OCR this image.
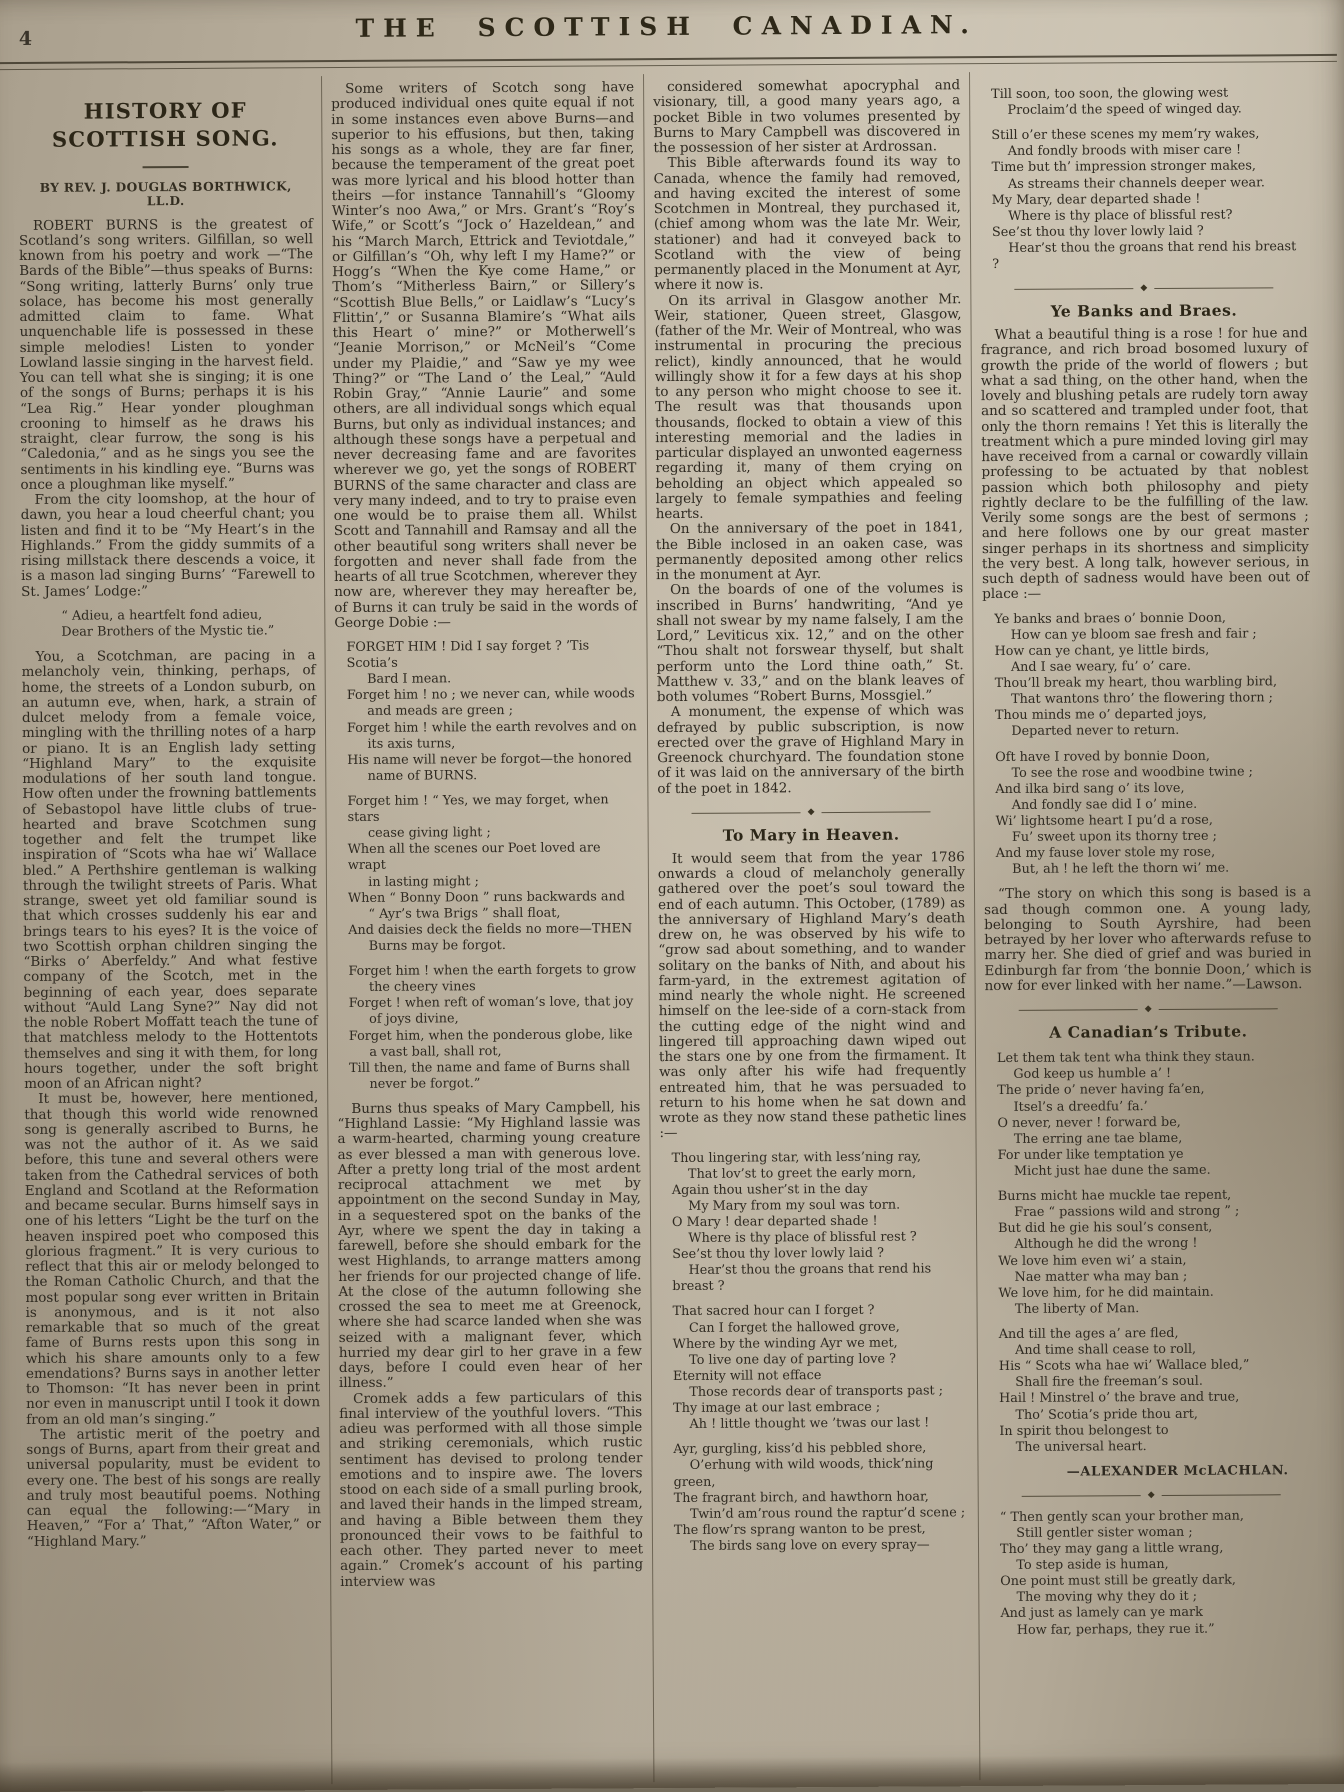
4	THE SCOTTISH CANADIAN.
HISTORY OF SCOTTISH SONG.
BY REV. J. DOUGLAS BORTHWICK, LL.D.

ROBERT BURNS is the greatest of Scotland’s song writers. Gilfillan, so well known from his poetry and work —“The Bards of the Bible”—thus speaks of Burns: “Song writing, latterly Burns’ only true solace, has become his most generally admitted claim to fame. What unquenchable life is possessed in these simple melodies! Listen to yonder Lowland lassie singing in the harvest field. You can tell what she is singing; it is one of the songs of Burns; perhaps it is his “Lea Rig.” Hear yonder ploughman crooning to himself as he draws his straight, clear furrow, the song is his “Caledonia,” and as he sings you see the sentiments in his kindling eye. “Burns was once a ploughman like myself.”

From the city loomshop, at the hour of dawn, you hear a loud cheerful chant; you listen and find it to be “My Heart’s in the Highlands.” From the giddy summits of a rising millstack there descends a voice, it is a mason lad singing Burns’ “Farewell to St. James’ Lodge:”

“ Adieu, a heartfelt fond adieu,
Dear Brothers of the Mystic tie.”

You, a Scotchman, are pacing in a melancholy vein, thinking, perhaps, of home, the streets of a London suburb, on an autumn eve, when, hark, a strain of dulcet melody from a female voice, mingling with the thrilling notes of a harp or piano. It is an English lady setting “Highland Mary” to the exquisite modulations of her south land tongue. How often under the frowning battlements of Sebastopol have little clubs of true-hearted and brave Scotchmen sung together and felt the trumpet like inspiration of “Scots wha hae wi’ Wallace bled.” A Perthshire gentleman is walking through the twilight streets of Paris. What strange, sweet yet old familiar sound is that which crosses suddenly his ear and brings tears to his eyes? It is the voice of two Scottish orphan children singing the “Birks o’ Aberfeldy.” And what festive company of the Scotch, met in the beginning of each year, does separate without “Auld Lang Syne?” Nay did not the noble Robert Moffatt teach the tune of that matchless melody to the Hottentots themselves and sing it with them, for long hours together, under the soft bright moon of an African night?

It must be, however, here mentioned, that though this world wide renowned song is generally ascribed to Burns, he was not the author of it. As we said before, this tune and several others were taken from the Cathedral services of both England and Scotland at the Reformation and became secular. Burns himself says in one of his letters “Light be the turf on the heaven inspired poet who composed this glorious fragment.” It is very curious to reflect that this air or melody belonged to the Roman Catholic Church, and that the most popular song ever written in Britain is anonymous, and is it not also remarkable that so much of the great fame of Burns rests upon this song in which his share amounts only to a few emendations? Burns says in another letter to Thomson: “It has never been in print nor even in manuscript until I took it down from an old man’s singing.”

The artistic merit of the poetry and songs of Burns, apart from their great and universal popularity, must be evident to every one. The best of his songs are really and truly most beautiful poems. Nothing can equal the following:—“Mary in Heaven,” “For a’ That,” “Afton Water,” or “Highland Mary.”

Some writers of Scotch song have produced individual ones quite equal if not in some instances even above Burns—and superior to his effusions, but then, taking his songs as a whole, they are far finer, because the temperament of the great poet was more lyrical and his blood hotter than theirs —for instance Tannahill’s “Gloomy Winter’s noo Awa,” or Mrs. Grant’s “Roy’s Wife,” or Scott’s “Jock o’ Hazeldean,” and his “March March, Ettrick and Teviotdale,” or Gilfillan’s “Oh, why left I my Hame?” or Hogg’s “When the Kye come Hame,” or Thom’s “Mitherless Bairn,” or Sillery’s “Scottish Blue Bells,” or Laidlaw’s “Lucy’s Flittin’,” or Susanna Blamire’s “What ails this Heart o’ mine?” or Motherwell’s “Jeanie Morrison,” or McNeil’s “Come under my Plaidie,” and “Saw ye my wee Thing?” or “The Land o’ the Leal,” “Auld Robin Gray,” “Annie Laurie” and some others, are all individual songs which equal Burns, but only as individual instances; and although these songs have a perpetual and never decreasing fame and are favorites wherever we go, yet the songs of ROBERT BURNS of the same character and class are very many indeed, and to try to praise even one would be to praise them all. Whilst Scott and Tannahill and Ramsay and all the other beautiful song writers shall never be forgotten and never shall fade from the hearts of all true Scotchmen, wherever they now are, wherever they may hereafter be, of Burns it can truly be said in the words of George Dobie :—

FORGET HIM ! Did I say forget ? ’Tis Scotia’s
Bard I mean.
Forget him ! no ; we never can, while woods
and meads are green ;
Forget him ! while the earth revolves and on
its axis turns,
His name will never be forgot—the honored
name of BURNS.
Forget him ! “ Yes, we may forget, when stars
cease giving light ;
When all the scenes our Poet loved are wrapt
in lasting might ;
When “ Bonny Doon ” runs backwards and
“ Ayr’s twa Brigs ” shall float,
And daisies deck the fields no more—THEN
Burns may be forgot.
Forget him ! when the earth forgets to grow
the cheery vines
Forget ! when reft of woman’s love, that joy
of joys divine,
Forget him, when the ponderous globe, like
a vast ball, shall rot,
Till then, the name and fame of Burns shall
never be forgot.”

Burns thus speaks of Mary Campbell, his “Highland Lassie: “My Highland lassie was a warm-hearted, charming young creature as ever blessed a man with generous love. After a pretty long trial of the most ardent reciprocal attachment we met by appointment on the second Sunday in May, in a sequestered spot on the banks of the Ayr, where we spent the day in taking a farewell, before she should embark for the west Highlands, to arrange matters among her friends for our projected change of life. At the close of the autumn following she crossed the sea to meet me at Greenock, where she had scarce landed when she was seized with a malignant fever, which hurried my dear girl to her grave in a few days, before I could even hear of her illness.”

Cromek adds a few particulars of this final interview of the youthful lovers. “This adieu was performed with all those simple and striking ceremonials, which rustic sentiment has devised to prolong tender emotions and to inspire awe. The lovers stood on each side of a small purling brook, and laved their hands in the limped stream, and having a Bible between them they pronounced their vows to be faithful to each other. They parted never to meet again.” Cromek’s account of his parting interview was

considered somewhat apocryphal and visionary, till, a good many years ago, a pocket Bible in two volumes presented by Burns to Mary Campbell was discovered in the possession of her sister at Ardrossan.

This Bible afterwards found its way to Canada, whence the family had removed, and having excited the interest of some Scotchmen in Montreal, they purchased it, (chief among whom was the late Mr. Weir, stationer) and had it conveyed back to Scotland with the view of being permanently placed in the Monument at Ayr, where it now is.

On its arrival in Glasgow another Mr. Weir, stationer, Queen street, Glasgow, (father of the Mr. Weir of Montreal, who was instrumental in procuring the precious relict), kindly announced, that he would willingly show it for a few days at his shop to any person who might choose to see it. The result was that thousands upon thousands, flocked to obtain a view of this interesting memorial and the ladies in particular displayed an unwonted eagerness regarding it, many of them crying on beholding an object which appealed so largely to female sympathies and feeling hearts.

On the anniversary of the poet in 1841, the Bible inclosed in an oaken case, was permanently deposited among other relics in the monument at Ayr.

On the boards of one of the volumes is inscribed in Burns’ handwriting, “And ye shall not swear by my name falsely, I am the Lord,” Leviticus xix. 12,” and on the other “Thou shalt not forswear thyself, but shalt perform unto the Lord thine oath,” St. Matthew v. 33,” and on the blank leaves of both volumes “Robert Burns, Mossgiel.”

A monument, the expense of which was defrayed by public subscription, is now erected over the grave of Highland Mary in Greenock churchyard. The foundation stone of it was laid on the anniversary of the birth of the poet in 1842.

◆
To Mary in Heaven.

It would seem that from the year 1786 onwards a cloud of melancholy generally gathered over the poet’s soul toward the end of each autumn. This October, (1789) as the anniversary of Highland Mary’s death drew on, he was observed by his wife to “grow sad about something, and to wander solitary on the banks of Nith, and about his farm-yard, in the extremest agitation of mind nearly the whole night. He screened himself on the lee-side of a corn-stack from the cutting edge of the night wind and lingered till approaching dawn wiped out the stars one by one from the firmament. It was only after his wife had frequently entreated him, that he was persuaded to return to his home when he sat down and wrote as they now stand these pathetic lines :—

Thou lingering star, with less’ning ray,
That lov’st to greet the early morn,
Again thou usher’st in the day
My Mary from my soul was torn.
O Mary ! dear departed shade !
Where is thy place of blissful rest ?
See’st thou thy lover lowly laid ?
Hear’st thou the groans that rend his breast ?
That sacred hour can I forget ?
Can I forget the hallowed grove,
Where by the winding Ayr we met,
To live one day of parting love ?
Eternity will not efface
Those records dear of transports past ;
Thy image at our last embrace ;
Ah ! little thought we ’twas our last !
Ayr, gurgling, kiss’d his pebbled shore,
O’erhung with wild woods, thick’ning green,
The fragrant birch, and hawthorn hoar,
Twin’d am’rous round the raptur’d scene ;
The flow’rs sprang wanton to be prest,
The birds sang love on every spray—
Till soon, too soon, the glowing west
Proclaim’d the speed of winged day.
Still o’er these scenes my mem’ry wakes,
And fondly broods with miser care !
Time but th’ impression stronger makes,
As streams their channels deeper wear.
My Mary, dear departed shade !
Where is thy place of blissful rest?
See’st thou thy lover lowly laid ?
Hear’st thou the groans that rend his breast ?
◆
Ye Banks and Braes.

What a beautiful thing is a rose ! for hue and fragrance, and rich broad bosomed luxury of growth the pride of the world of flowers ; but what a sad thing, on the other hand, when the lovely and blushing petals are rudely torn away and so scattered and trampled under foot, that only the thorn remains ! Yet this is literally the treatment which a pure minded loving girl may have received from a carnal or cowardly villain professing to be actuated by that noblest passion which both philosophy and piety rightly declare to be the fulfilling of the law. Verily some songs are the best of sermons ; and here follows one by our great master singer perhaps in its shortness and simplicity the very best. A long talk, however serious, in such depth of sadness would have been out of place :—

Ye banks and braes o’ bonnie Doon,
How can ye bloom sae fresh and fair ;
How can ye chant, ye little birds,
And I sae weary, fu’ o’ care.
Thou’ll break my heart, thou warbling bird,
That wantons thro’ the flowering thorn ;
Thou minds me o’ departed joys,
Departed never to return.
Oft have I roved by bonnie Doon,
To see the rose and woodbine twine ;
And ilka bird sang o’ its love,
And fondly sae did I o’ mine.
Wi’ lightsome heart I pu’d a rose,
Fu’ sweet upon its thorny tree ;
And my fause lover stole my rose,
But, ah ! he left the thorn wi’ me.

“The story on which this song is based is a sad though common one. A young lady, belonging to South Ayrshire, had been betrayed by her lover who afterwards refuse to marry her. She died of grief and was buried in Edinburgh far from ‘the bonnie Doon,’ which is now for ever linked with her name.”—Lawson.

◆
A Canadian’s Tribute.
Let them tak tent wha think they staun.
God keep us humble a’ !
The pride o’ never having fa’en,
Itsel’s a dreedfu’ fa.’
O never, never ! forward be,
The erring ane tae blame,
For under like temptation ye
Micht just hae dune the same.
Burns micht hae muckle tae repent,
Frae “ passions wild and strong ” ;
But did he gie his soul’s consent,
Although he did the wrong !
We love him even wi’ a stain,
Nae matter wha may ban ;
We love him, for he did maintain.
The liberty of Man.
And till the ages a’ are fled,
And time shall cease to roll,
His “ Scots wha hae wi’ Wallace bled,”
Shall fire the freeman’s soul.
Hail ! Minstrel o’ the brave and true,
Tho’ Scotia’s pride thou art,
In spirit thou belongest to
The universal heart.
—ALEXANDER McLACHLAN.
◆
“ Then gently scan your brother man,
Still gentler sister woman ;
Tho’ they may gang a little wrang,
To step aside is human,
One point must still be greatly dark,
The moving why they do it ;
And just as lamely can ye mark
How far, perhaps, they rue it.”
